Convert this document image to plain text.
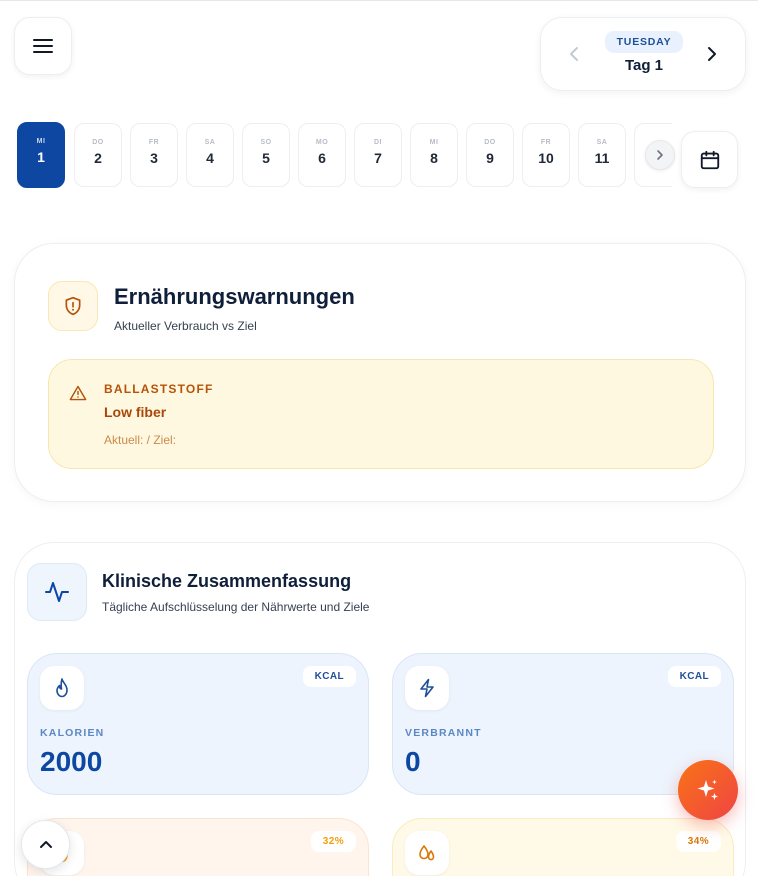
TUESDAY
Tag 1
MI
1
DO
2
FR
3
SA
4
SO
5
MO
6
DI
7
MI
8
DO
9
FR
10
SA
11
Ernährungswarnungen
Aktueller Verbrauch vs Ziel
BALLASTSTOFF
Low fiber
Aktuell: / Ziel:
Klinische Zusammenfassung
Tägliche Aufschlüsselung der Nährwerte und Ziele
KCAL
KALORIEN
2000
KCAL
VERBRANNT
0
32%	34%
